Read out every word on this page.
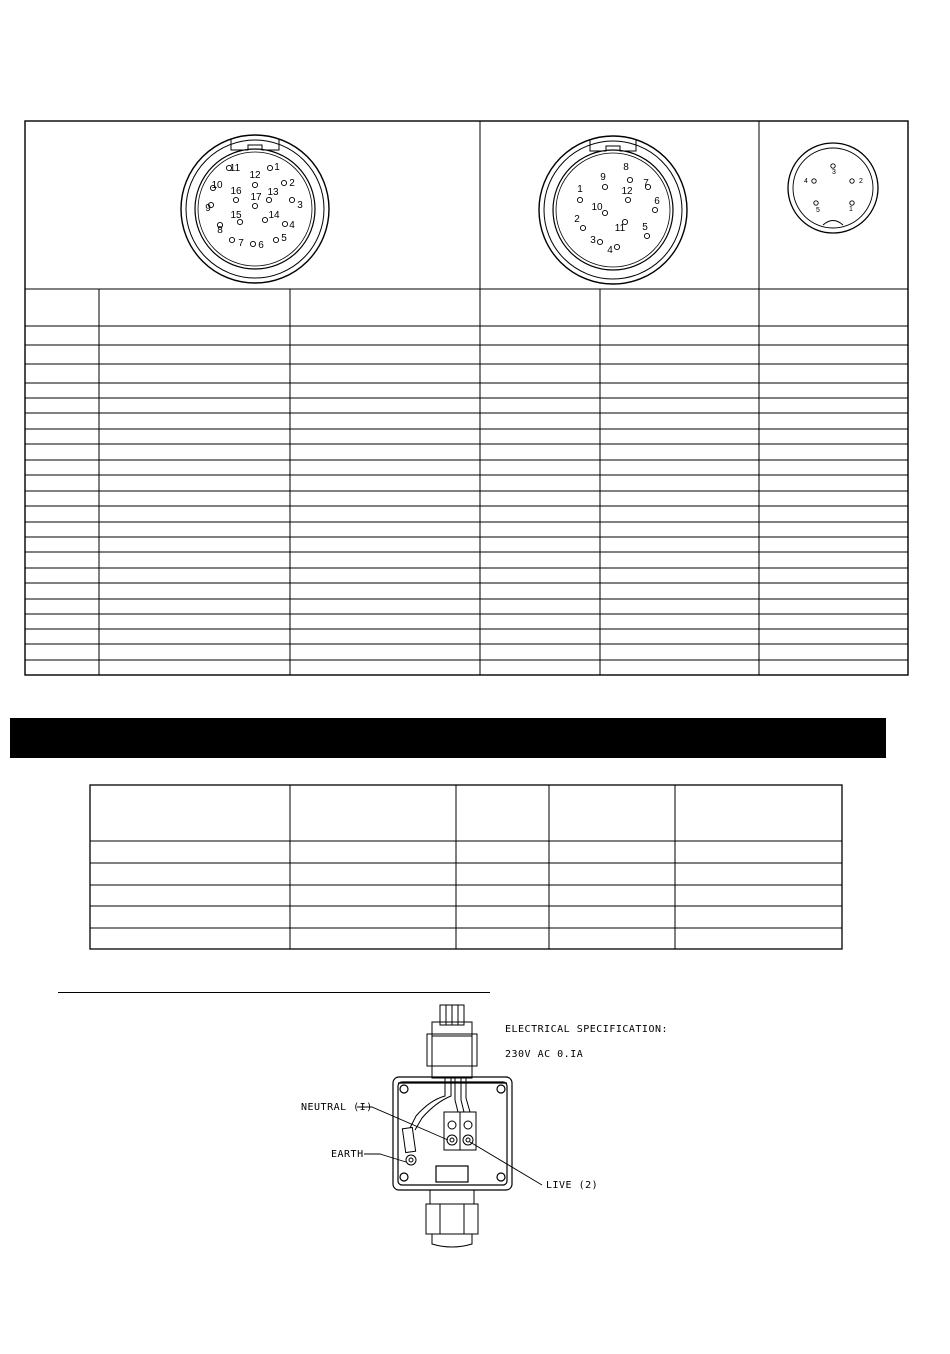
1
2
3
4
5
6
7
8
9
10
11
12
13
14
15
16
17
1
2
3
4
5
6
7
8
9
10
11
12
1
2
3
4
5
ELECTRICAL SPECIFICATION:
230V AC 0.IA
NEUTRAL (I)
EARTH
LIVE (2)
